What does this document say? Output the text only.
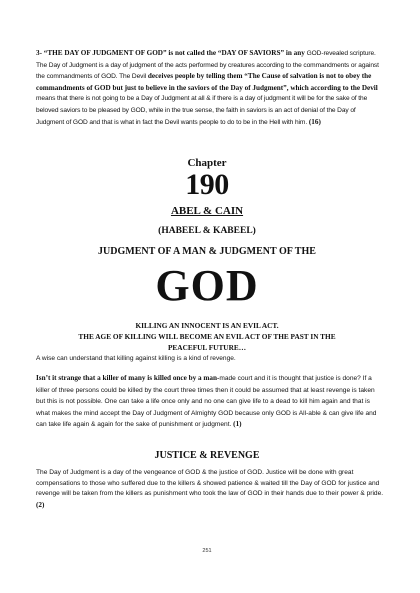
3- “THE DAY OF JUDGMENT OF GOD” is not called the “DAY OF SAVIORS” in any GOD-revealed scripture. The Day of Judgment is a day of judgment of the acts performed by creatures according to the commandments or against the commandments of GOD. The Devil deceives people by telling them “The Cause of salvation is not to obey the commandments of GOD but just to believe in the saviors of the Day of Judgment”, which according to the Devil means that there is not going to be a Day of Judgment at all & if there is a day of judgment it will be for the sake of the beloved saviors to be pleased by GOD, while in the true sense, the faith in saviors is an act of denial of the Day of Judgment of GOD and that is what in fact the Devil wants people to do to be in the Hell with him. (16)

Chapter
190
ABEL & CAIN
(HABEEL & KABEEL)
JUDGMENT OF A MAN & JUDGMENT OF THE
GOD
KILLING AN INNOCENT IS AN EVIL ACT.
THE AGE OF KILLING WILL BECOME AN EVIL ACT OF THE PAST IN THE
PEACEFUL FUTURE…

A wise can understand that killing against killing is a kind of revenge.

Isn’t it strange that a killer of many is killed once by a man-made court and it is thought that justice is done? If a killer of three persons could be killed by the court three times then it could be assumed that at least revenge is taken but this is not possible. One can take a life once only and no one can give life to a dead to kill him again and that is what makes the mind accept the Day of Judgment of Almighty GOD because only GOD is All-able & can give life and can take life again & again for the sake of punishment or judgment. (1)

JUSTICE & REVENGE

The Day of Judgment is a day of the vengeance of GOD & the justice of GOD. Justice will be done with great compensations to those who suffered due to the killers & showed patience & waited till the Day of GOD for justice and revenge will be taken from the killers as punishment who took the law of GOD in their hands due to their power & pride. (2)

251
